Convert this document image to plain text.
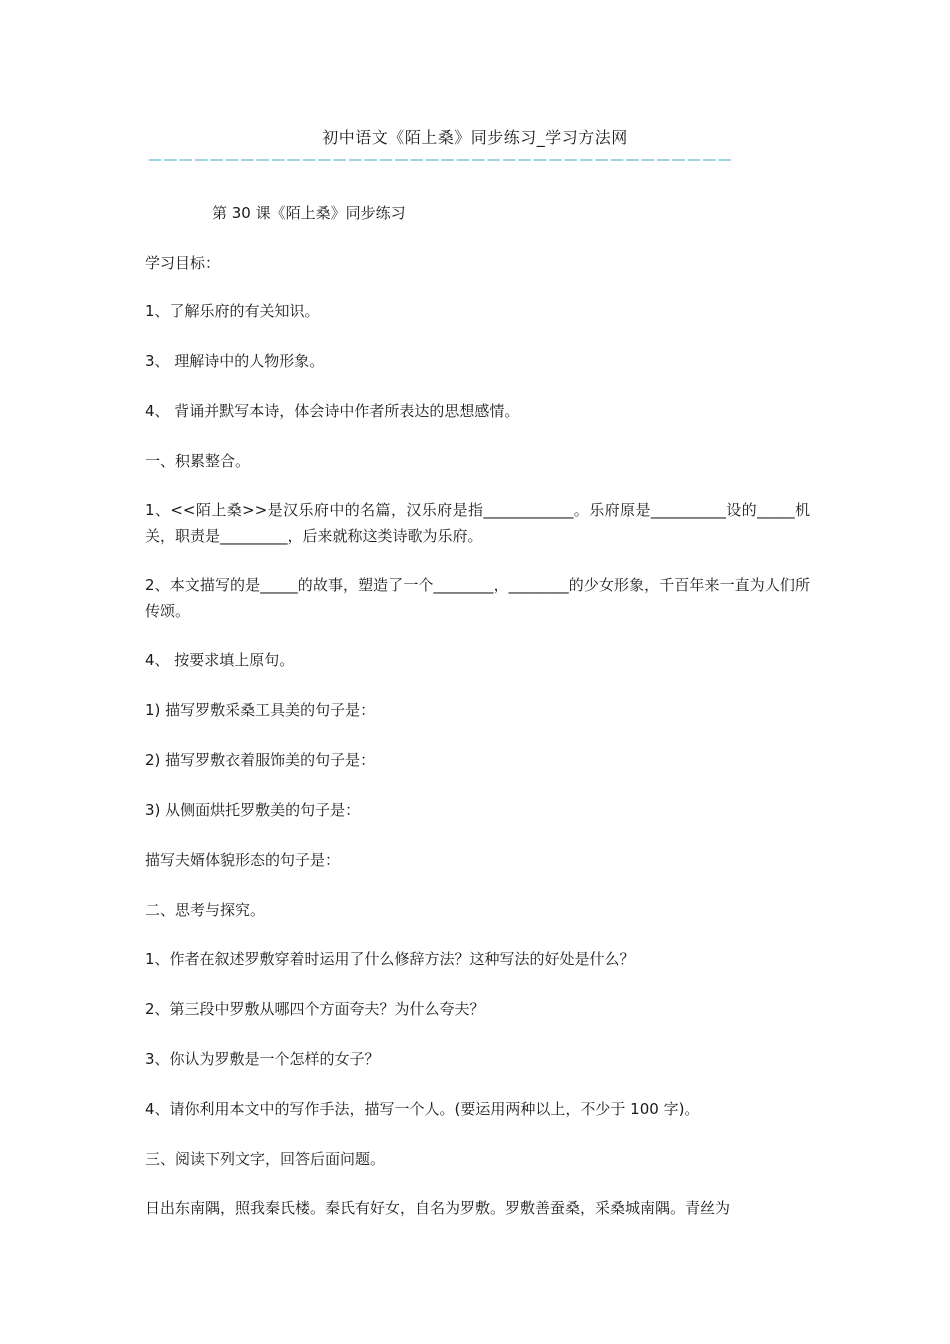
初中语文《陌上桑》同步练习_学习方法网
——————————————————————————————————————
第 30 课《陌上桑》同步练习
学习目标：
1、了解乐府的有关知识。
3、 理解诗中的人物形象。
4、 背诵并默写本诗，体会诗中作者所表达的思想感情。
一、积累整合。
1、<<陌上桑>>是汉乐府中的名篇，汉乐府是指____________。乐府原是__________设的_____机关，职责是_________，后来就称这类诗歌为乐府。
2、本文描写的是_____的故事，塑造了一个________，________的少女形象，千百年来一直为人们所传颂。
4、 按要求填上原句。
1) 描写罗敷采桑工具美的句子是：
2) 描写罗敷衣着服饰美的句子是：
3) 从侧面烘托罗敷美的句子是：
描写夫婿体貌形态的句子是：
二、思考与探究。
1、作者在叙述罗敷穿着时运用了什么修辞方法？这种写法的好处是什么？
2、第三段中罗敷从哪四个方面夸夫？为什么夸夫？
3、你认为罗敷是一个怎样的女子？
4、请你利用本文中的写作手法，描写一个人。(要运用两种以上，不少于 100 字)。
三、阅读下列文字，回答后面问题。
日出东南隅，照我秦氏楼。秦氏有好女，自名为罗敷。罗敷善蚕桑，采桑城南隅。青丝为
